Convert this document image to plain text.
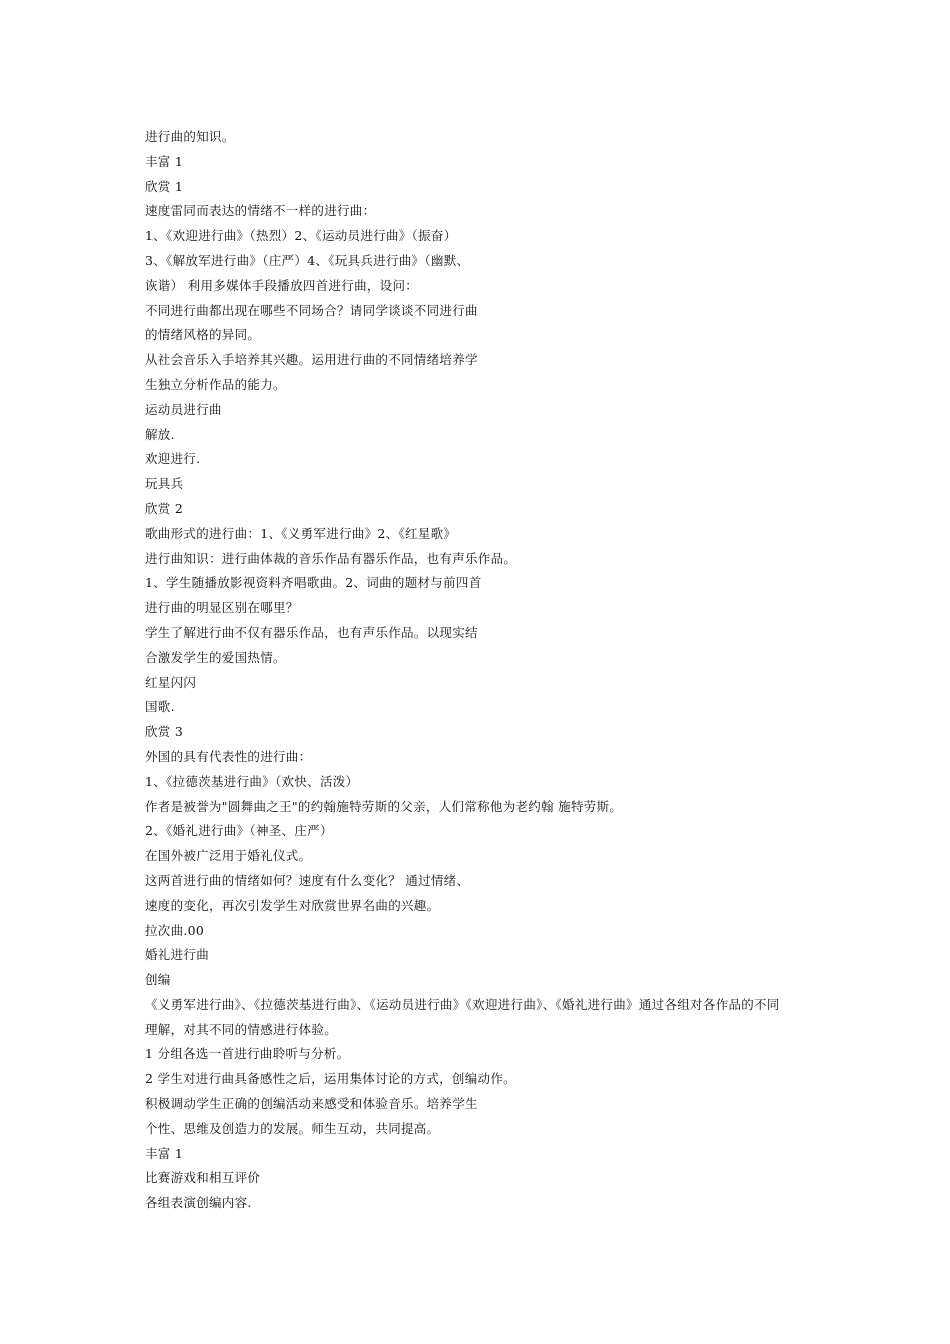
进行曲的知识。
丰富 1
欣赏 1
速度雷同而表达的情绪不一样的进行曲：
1、《欢迎进行曲》（热烈）2、《运动员进行曲》（振奋）
3、《解放军进行曲》（庄严）4、《玩具兵进行曲》（幽默、
诙谐） 利用多媒体手段播放四首进行曲，设问：
不同进行曲都出现在哪些不同场合？请同学谈谈不同进行曲
的情绪风格的异同。
从社会音乐入手培养其兴趣。运用进行曲的不同情绪培养学
生独立分析作品的能力。
运动员进行曲
解放.
欢迎进行.
玩具兵
欣赏 2
歌曲形式的进行曲：1、《义勇军进行曲》2、《红星歌》
进行曲知识：进行曲体裁的音乐作品有器乐作品，也有声乐作品。
1、学生随播放影视资料齐唱歌曲。2、词曲的题材与前四首
进行曲的明显区别在哪里？
学生了解进行曲不仅有器乐作品，也有声乐作品。以现实结
合激发学生的爱国热情。
红星闪闪
国歌.
欣赏 3
外国的具有代表性的进行曲：
1、《拉德茨基进行曲》（欢快、活泼）
作者是被誉为"圆舞曲之王"的约翰施特劳斯的父亲，人们常称他为老约翰 施特劳斯。
2、《婚礼进行曲》（神圣、庄严）
在国外被广泛用于婚礼仪式。
这两首进行曲的情绪如何？速度有什么变化？ 通过情绪、
速度的变化，再次引发学生对欣赏世界名曲的兴趣。
拉次曲.00
婚礼进行曲
创编
《义勇军进行曲》、《拉德茨基进行曲》、《运动员进行曲》《欢迎进行曲》、《婚礼进行曲》通过各组对各作品的不同
理解，对其不同的情感进行体验。
1 分组各选一首进行曲聆听与分析。
2 学生对进行曲具备感性之后，运用集体讨论的方式，创编动作。
积极调动学生正确的创编活动来感受和体验音乐。培养学生
个性、思维及创造力的发展。师生互动，共同提高。
丰富 1
比赛游戏和相互评价
各组表演创编内容.
